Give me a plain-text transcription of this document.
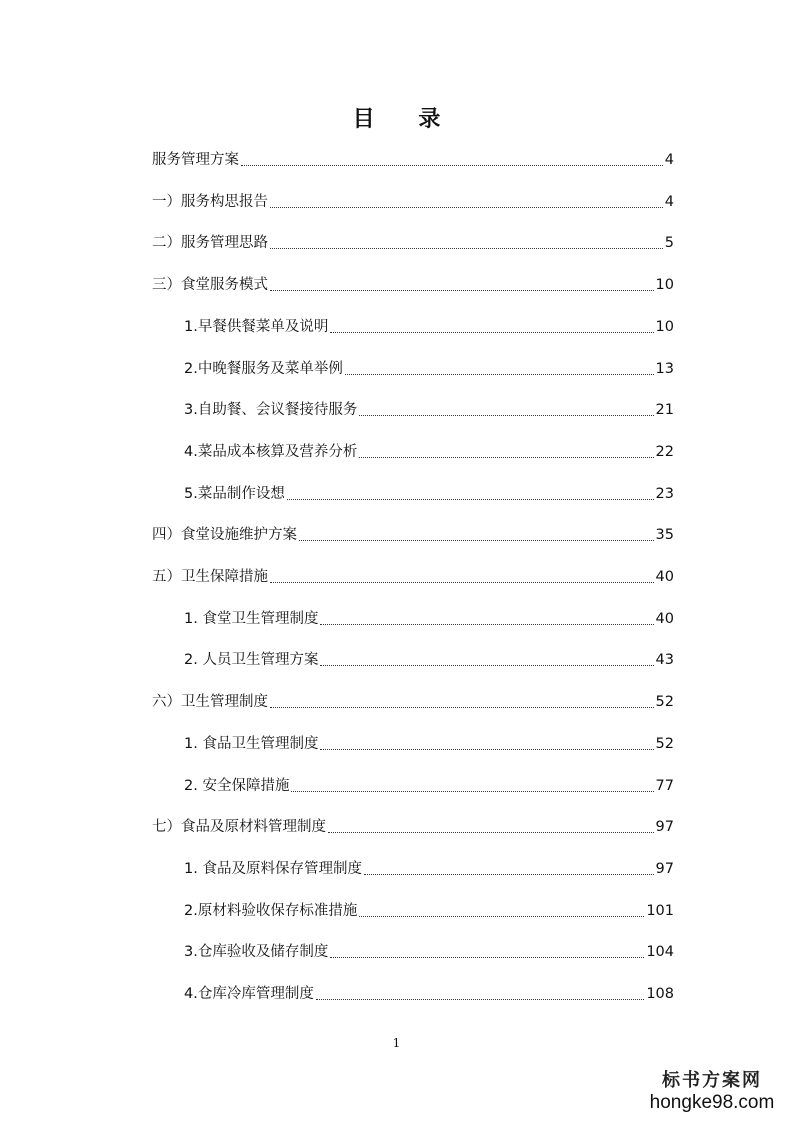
目 录
服务管理方案	4
一）服务构思报告	4
二）服务管理思路	5
三）食堂服务模式	10
1.早餐供餐菜单及说明	10
2.中晚餐服务及菜单举例	13
3.自助餐、会议餐接待服务	21
4.菜品成本核算及营养分析	22
5.菜品制作设想	23
四）食堂设施维护方案	35
五）卫生保障措施	40
1. 食堂卫生管理制度	40
2. 人员卫生管理方案	43
六）卫生管理制度	52
1. 食品卫生管理制度	52
2. 安全保障措施	77
七）食品及原材料管理制度	97
1. 食品及原料保存管理制度	97
2.原材料验收保存标准措施	101
3.仓库验收及储存制度	104
4.仓库冷库管理制度	108
1
标书方案网
hongke98.com
